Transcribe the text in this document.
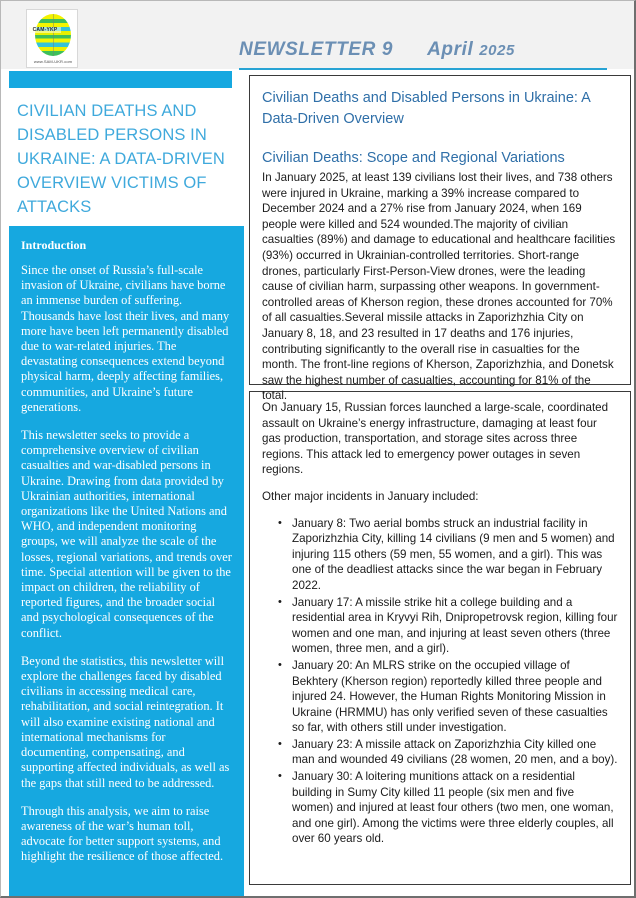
CAM-YKP
www.SAM-UKR.com
NEWSLETTER 9 April 2025
CIVILIAN DEATHS AND DISABLED PERSONS IN UKRAINE: A DATA-DRIVEN OVERVIEW VICTIMS OF ATTACKS
Introduction

Since the onset of Russia’s full-scale invasion of Ukraine, civilians have borne an immense burden of suffering. Thousands have lost their lives, and many more have been left permanently disabled due to war-related injuries. The devastating consequences extend beyond physical harm, deeply affecting families, communities, and Ukraine’s future generations.

This newsletter seeks to provide a comprehensive overview of civilian casualties and war-disabled persons in Ukraine. Drawing from data provided by Ukrainian authorities, international organizations like the United Nations and WHO, and independent monitoring groups, we will analyze the scale of the losses, regional variations, and trends over time. Special attention will be given to the impact on children, the reliability of reported figures, and the broader social and psychological consequences of the conflict.

Beyond the statistics, this newsletter will explore the challenges faced by disabled civilians in accessing medical care, rehabilitation, and social reintegration. It will also examine existing national and international mechanisms for documenting, compensating, and supporting affected individuals, as well as the gaps that still need to be addressed.

Through this analysis, we aim to raise awareness of the war’s human toll, advocate for better support systems, and highlight the resilience of those affected.

Civilian Deaths and Disabled Persons in Ukraine: A Data-Driven Overview
Civilian Deaths: Scope and Regional Variations

In January 2025, at least 139 civilians lost their lives, and 738 others were injured in Ukraine, marking a 39% increase compared to December 2024 and a 27% rise from January 2024, when 169 people were killed and 524 wounded.The majority of civilian casualties (89%) and damage to educational and healthcare facilities (93%) occurred in Ukrainian-controlled territories. Short-range drones, particularly First-Person-View drones, were the leading cause of civilian harm, surpassing other weapons. In government-controlled areas of Kherson region, these drones accounted for 70% of all casualties.Several missile attacks in Zaporizhzhia City on January 8, 18, and 23 resulted in 17 deaths and 176 injuries, contributing significantly to the overall rise in casualties for the month. The front-line regions of Kherson, Zaporizhzhia, and Donetsk saw the highest number of casualties, accounting for 81% of the total.

On January 15, Russian forces launched a large-scale, coordinated assault on Ukraine’s energy infrastructure, damaging at least four gas production, transportation, and storage sites across three regions. This attack led to emergency power outages in seven regions.

Other major incidents in January included:

• January 8: Two aerial bombs struck an industrial facility in Zaporizhzhia City, killing 14 civilians (9 men and 5 women) and injuring 115 others (59 men, 55 women, and a girl). This was one of the deadliest attacks since the war began in February 2022.
• January 17: A missile strike hit a college building and a residential area in Kryvyi Rih, Dnipropetrovsk region, killing four women and one man, and injuring at least seven others (three women, three men, and a girl).
• January 20: An MLRS strike on the occupied village of Bekhtery (Kherson region) reportedly killed three people and injured 24. However, the Human Rights Monitoring Mission in Ukraine (HRMMU) has only verified seven of these casualties so far, with others still under investigation.
• January 23: A missile attack on Zaporizhzhia City killed one man and wounded 49 civilians (28 women, 20 men, and a boy).
• January 30: A loitering munitions attack on a residential building in Sumy City killed 11 people (six men and five women) and injured at least four others (two men, one woman, and one girl). Among the victims were three elderly couples, all over 60 years old.
